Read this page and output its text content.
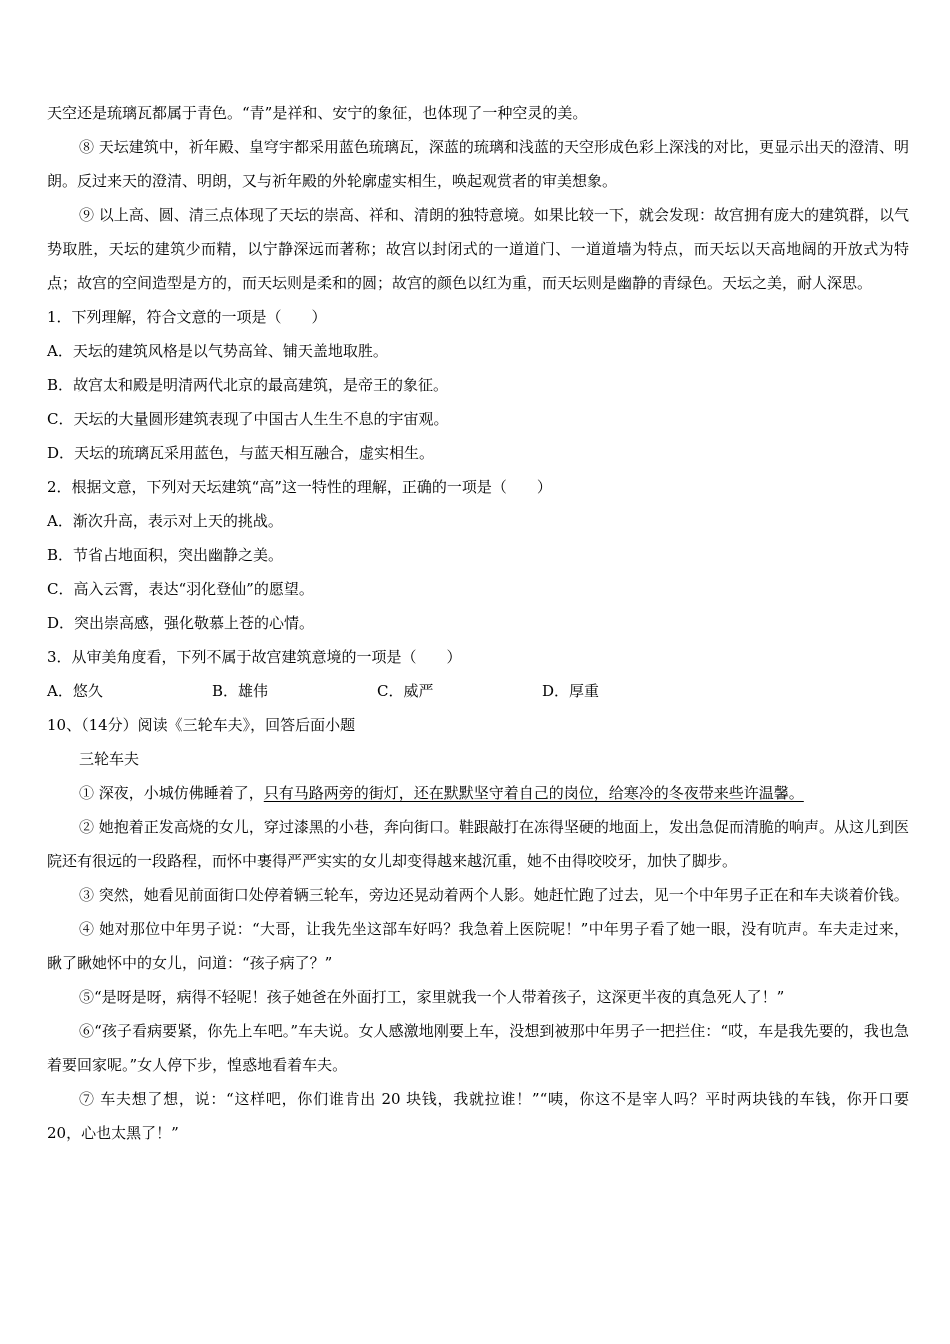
天空还是琉璃瓦都属于青色。“青”是祥和、安宁的象征，也体现了一种空灵的美。

⑧ 天坛建筑中，祈年殿、皇穹宇都采用蓝色琉璃瓦，深蓝的琉璃和浅蓝的天空形成色彩上深浅的对比，更显示出天的澄清、明朗。反过来天的澄清、明朗，又与祈年殿的外轮廓虚实相生，唤起观赏者的审美想象。

⑨ 以上高、圆、清三点体现了天坛的崇高、祥和、清朗的独特意境。如果比较一下，就会发现：故宫拥有庞大的建筑群，以气势取胜，天坛的建筑少而精，以宁静深远而著称；故宫以封闭式的一道道门、一道道墙为特点，而天坛以天高地阔的开放式为特点；故宫的空间造型是方的，而天坛则是柔和的圆；故宫的颜色以红为重，而天坛则是幽静的青绿色。天坛之美，耐人深思。

1．下列理解，符合文意的一项是（　　）

A．天坛的建筑风格是以气势高耸、铺天盖地取胜。

B．故宫太和殿是明清两代北京的最高建筑，是帝王的象征。

C．天坛的大量圆形建筑表现了中国古人生生不息的宇宙观。

D．天坛的琉璃瓦采用蓝色，与蓝天相互融合，虚实相生。

2．根据文意，下列对天坛建筑“高”这一特性的理解，正确的一项是（　　）

A．渐次升高，表示对上天的挑战。

B．节省占地面积，突出幽静之美。

C．高入云霄，表达“羽化登仙”的愿望。

D．突出崇高感，强化敬慕上苍的心情。

3．从审美角度看，下列不属于故宫建筑意境的一项是（　　）

A．悠久	B．雄伟	C．威严	D．厚重

10、（14分）阅读《三轮车夫》，回答后面小题

三轮车夫

① 深夜，小城仿佛睡着了，只有马路两旁的街灯，还在默默坚守着自己的岗位，给寒冷的冬夜带来些许温馨。

② 她抱着正发高烧的女儿，穿过漆黑的小巷，奔向街口。鞋跟敲打在冻得坚硬的地面上，发出急促而清脆的响声。从这儿到医院还有很远的一段路程，而怀中裹得严严实实的女儿却变得越来越沉重，她不由得咬咬牙，加快了脚步。

③ 突然，她看见前面街口处停着辆三轮车，旁边还晃动着两个人影。她赶忙跑了过去，见一个中年男子正在和车夫谈着价钱。

④ 她对那位中年男子说：“大哥，让我先坐这部车好吗？我急着上医院呢！”中年男子看了她一眼，没有吭声。车夫走过来，瞅了瞅她怀中的女儿，问道：“孩子病了？”

⑤“是呀是呀，病得不轻呢！孩子她爸在外面打工，家里就我一个人带着孩子，这深更半夜的真急死人了！”

⑥“孩子看病要紧，你先上车吧。”车夫说。女人感激地刚要上车，没想到被那中年男子一把拦住：“哎，车是我先要的，我也急着要回家呢。”女人停下步，惶惑地看着车夫。

⑦ 车夫想了想，说：“这样吧，你们谁肯出 20 块钱，我就拉谁！”“咦，你这不是宰人吗？平时两块钱的车钱，你开口要 20，心也太黑了！”
